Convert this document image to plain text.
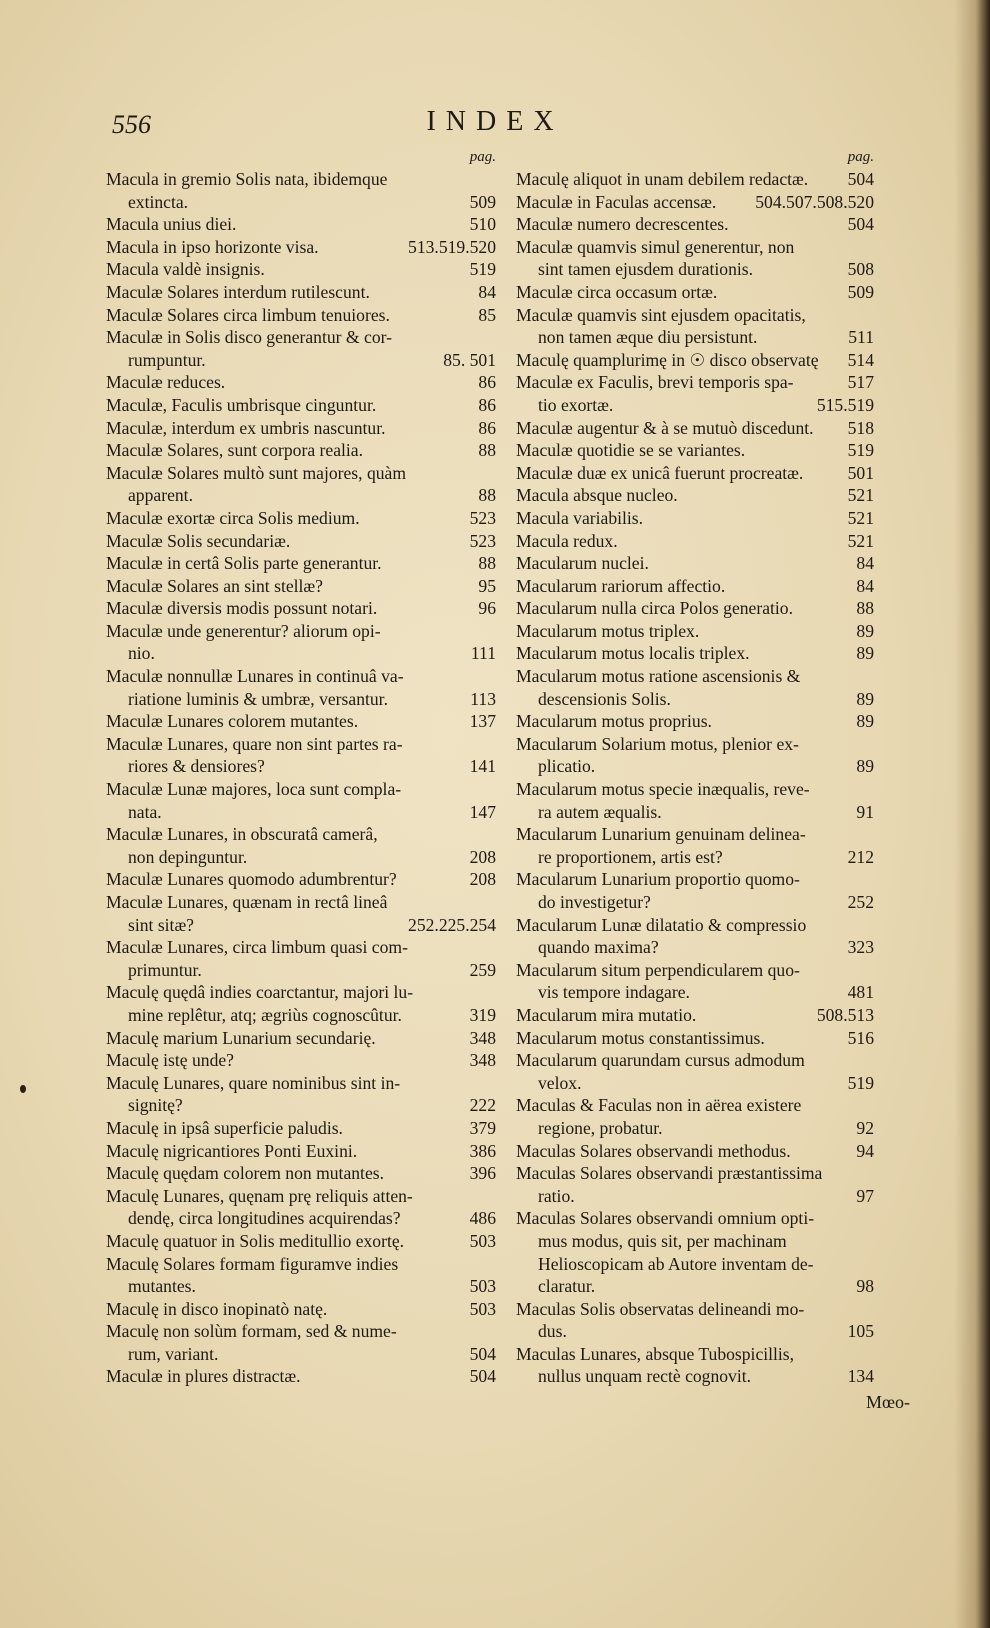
556	INDEX
pag.
Macula in gremio Solis nata, ibidemque
extincta.	509
Macula unius diei.	510
Macula in ipso horizonte visa.	513.519.520
Macula valdè insignis.	519
Maculæ Solares interdum rutilescunt.	84
Maculæ Solares circa limbum tenuiores.	85
Maculæ in Solis disco generantur & cor-
rumpuntur.	85. 501
Maculæ reduces.	86
Maculæ, Faculis umbrisque cinguntur.	86
Maculæ, interdum ex umbris nascuntur.	86
Maculæ Solares, sunt corpora realia.	88
Maculæ Solares multò sunt majores, quàm
apparent.	88
Maculæ exortæ circa Solis medium.	523
Maculæ Solis secundariæ.	523
Maculæ in certâ Solis parte generantur.	88
Maculæ Solares an sint stellæ?	95
Maculæ diversis modis possunt notari.	96
Maculæ unde generentur? aliorum opi-
nio.	111
Maculæ nonnullæ Lunares in continuâ va-
riatione luminis & umbræ, versantur.	113
Maculæ Lunares colorem mutantes.	137
Maculæ Lunares, quare non sint partes ra-
riores & densiores?	141
Maculæ Lunæ majores, loca sunt compla-
nata.	147
Maculæ Lunares, in obscuratâ camerâ,
non depinguntur.	208
Maculæ Lunares quomodo adumbrentur?	208
Maculæ Lunares, quænam in rectâ lineâ
sint sitæ?	252.225.254
Maculæ Lunares, circa limbum quasi com-
primuntur.	259
Maculę quędâ indies coarctantur, majori lu-
mine replêtur, atq; ægriùs cognoscûtur.	319
Maculę marium Lunarium secundarię.	348
Maculę istę unde?	348
Maculę Lunares, quare nominibus sint in-
signitę?	222
Maculę in ipsâ superficie paludis.	379
Maculę nigricantiores Ponti Euxini.	386
Maculę quędam colorem non mutantes.	396
Maculę Lunares, quęnam prę reliquis atten-
dendę, circa longitudines acquirendas?	486
Maculę quatuor in Solis meditullio exortę.	503
Maculę Solares formam figuramve indies
mutantes.	503
Maculę in disco inopinatò natę.	503
Maculę non solùm formam, sed & nume-
rum, variant.	504
Maculæ in plures distractæ.	504
pag.
Maculę aliquot in unam debilem redactæ.	504
Maculæ in Faculas accensæ.	504.507.508.520
Maculæ numero decrescentes.	504
Maculæ quamvis simul generentur, non
sint tamen ejusdem durationis.	508
Maculæ circa occasum ortæ.	509
Maculæ quamvis sint ejusdem opacitatis,
non tamen æque diu persistunt.	511
Maculę quamplurimę in ☉ disco observatę	514
Maculæ ex Faculis, brevi temporis spa-	517
tio exortæ.	515.519
Maculæ augentur & à se mutuò discedunt.	518
Maculæ quotidie se se variantes.	519
Maculæ duæ ex unicâ fuerunt procreatæ.	501
Macula absque nucleo.	521
Macula variabilis.	521
Macula redux.	521
Macularum nuclei.	84
Macularum rariorum affectio.	84
Macularum nulla circa Polos generatio.	88
Macularum motus triplex.	89
Macularum motus localis triplex.	89
Macularum motus ratione ascensionis &
descensionis Solis.	89
Macularum motus proprius.	89
Macularum Solarium motus, plenior ex-
plicatio.	89
Macularum motus specie inæqualis, reve-
ra autem æqualis.	91
Macularum Lunarium genuinam delinea-
re proportionem, artis est?	212
Macularum Lunarium proportio quomo-
do investigetur?	252
Macularum Lunæ dilatatio & compressio
quando maxima?	323
Macularum situm perpendicularem quo-
vis tempore indagare.	481
Macularum mira mutatio.	508.513
Macularum motus constantissimus.	516
Macularum quarundam cursus admodum
velox.	519
Maculas & Faculas non in aërea existere
regione, probatur.	92
Maculas Solares observandi methodus.	94
Maculas Solares observandi præstantissima
ratio.	97
Maculas Solares observandi omnium opti-
mus modus, quis sit, per machinam
Helioscopicam ab Autore inventam de-
claratur.	98
Maculas Solis observatas delineandi mo-
dus.	105
Maculas Lunares, absque Tubospicillis,
nullus unquam rectè cognovit.	134
Mœo-
